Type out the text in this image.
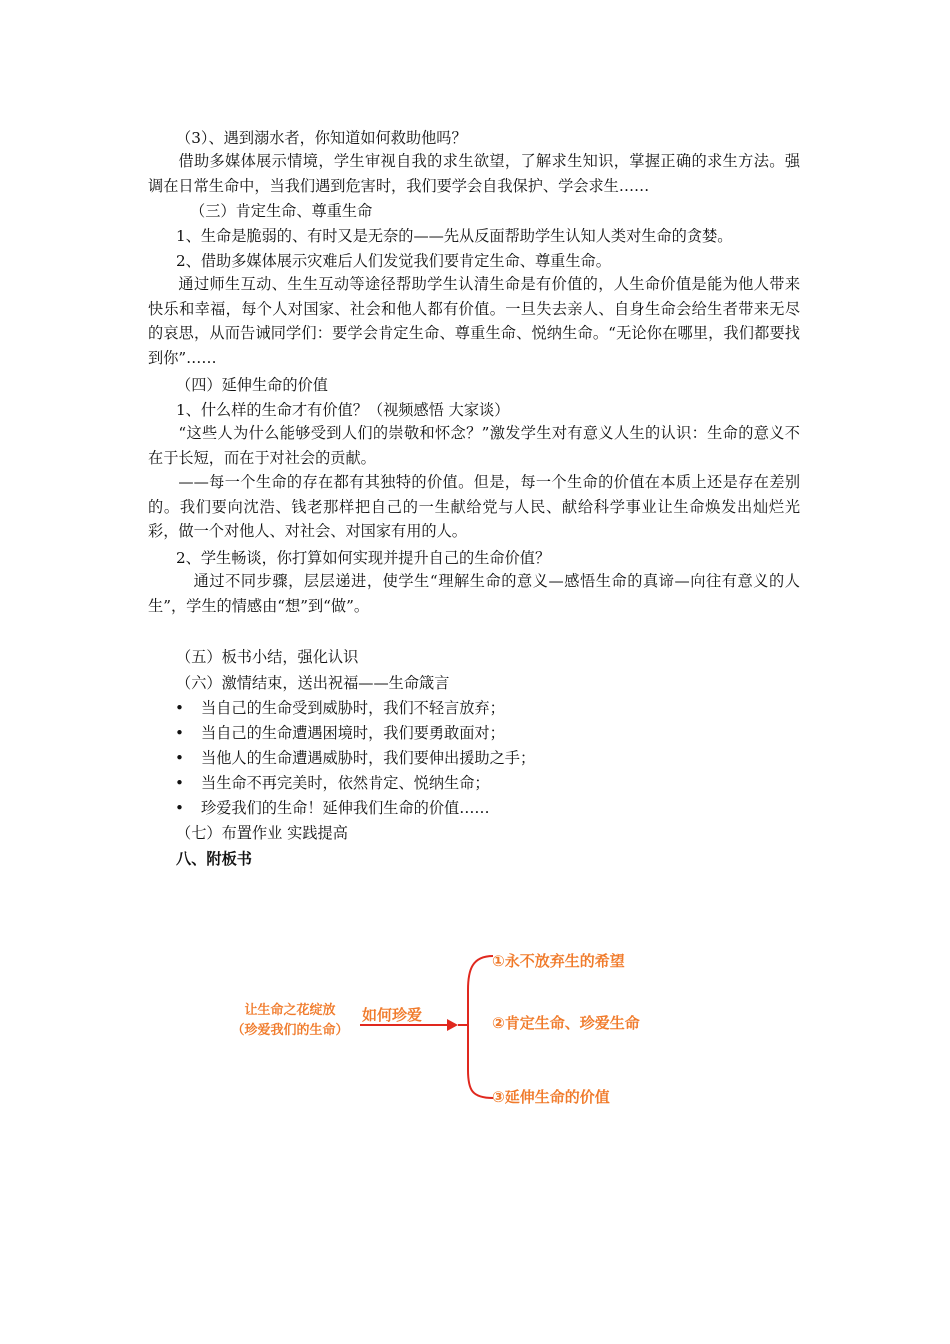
（3）、遇到溺水者，你知道如何救助他吗？
借助多媒体展示情境，学生审视自我的求生欲望，了解求生知识，掌握正确的求生方法。强调在日常生命中，当我们遇到危害时，我们要学会自我保护、学会求生……
（三）肯定生命、尊重生命
1、生命是脆弱的、有时又是无奈的——先从反面帮助学生认知人类对生命的贪婪。
2、借助多媒体展示灾难后人们发觉我们要肯定生命、尊重生命。
通过师生互动、生生互动等途径帮助学生认清生命是有价值的，人生命价值是能为他人带来快乐和幸福，每个人对国家、社会和他人都有价值。一旦失去亲人、自身生命会给生者带来无尽的哀思，从而告诫同学们：要学会肯定生命、尊重生命、悦纳生命。“无论你在哪里，我们都要找到你”……
（四）延伸生命的价值
1、什么样的生命才有价值？（视频感悟 大家谈）
“这些人为什么能够受到人们的崇敬和怀念？”激发学生对有意义人生的认识：生命的意义不在于长短，而在于对社会的贡献。
——每一个生命的存在都有其独特的价值。但是，每一个生命的价值在本质上还是存在差别的。我们要向沈浩、钱老那样把自己的一生献给党与人民、献给科学事业让生命焕发出灿烂光彩，做一个对他人、对社会、对国家有用的人。
2、学生畅谈，你打算如何实现并提升自己的生命价值？
通过不同步骤，层层递进，使学生“理解生命的意义—感悟生命的真谛—向往有意义的人生”，学生的情感由“想”到“做”。
（五）板书小结，强化认识
（六）激情结束，送出祝福——生命箴言
• 当自己的生命受到威胁时，我们不轻言放弃；
• 当自己的生命遭遇困境时，我们要勇敢面对；
• 当他人的生命遭遇威胁时，我们要伸出援助之手；
• 当生命不再完美时，依然肯定、悦纳生命；
• 珍爱我们的生命！延伸我们生命的价值……
（七）布置作业 实践提高
八、附板书
让生命之花绽放
（珍爱我们的生命）
如何珍爱
①永不放弃生的希望
②肯定生命、珍爱生命
③延伸生命的价值
